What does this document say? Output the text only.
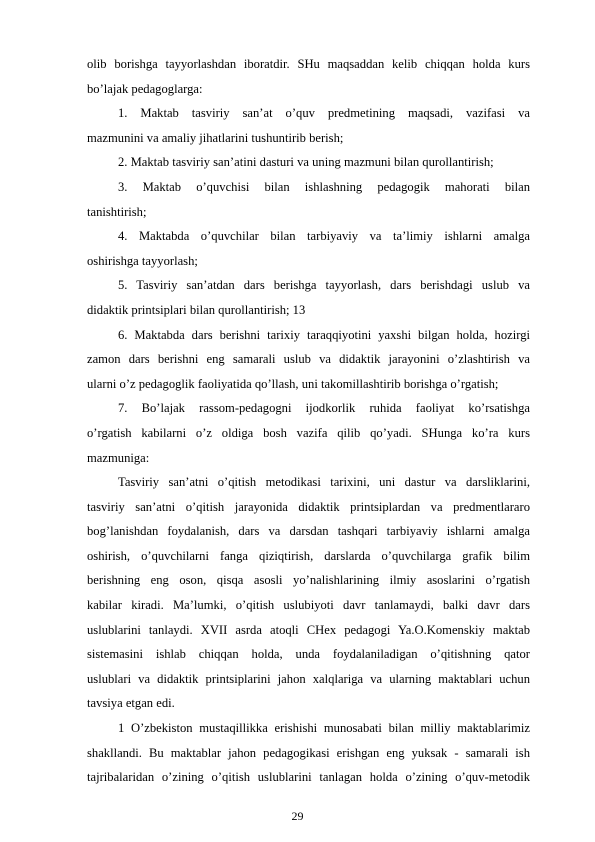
olib borishga tayyorlashdan iboratdir. SHu maqsaddan kelib chiqqan holda kurs
bo’lajak pedagoglarga:
1. Maktab tasviriy san’at o’quv predmetining maqsadi, vazifasi va
mazmunini va amaliy jihatlarini tushuntirib berish;
2. Maktab tasviriy san’atini dasturi va uning mazmuni bilan qurollantirish;
3. Maktab o’quvchisi bilan ishlashning pedagogik mahorati bilan
tanishtirish;
4. Maktabda o’quvchilar bilan tarbiyaviy va ta’limiy ishlarni amalga
oshirishga tayyorlash;
5. Tasviriy san’atdan dars berishga tayyorlash, dars berishdagi uslub va
didaktik printsiplari bilan qurollantirish; 13
6. Maktabda dars berishni tarixiy taraqqiyotini yaxshi bilgan holda, hozirgi
zamon dars berishni eng samarali uslub va didaktik jarayonini o’zlashtirish va
ularni o’z pedagoglik faoliyatida qo’llash, uni takomillashtirib borishga o’rgatish;
7. Bo’lajak rassom-pedagogni ijodkorlik ruhida faoliyat ko’rsatishga
o’rgatish kabilarni o’z oldiga bosh vazifa qilib qo’yadi. SHunga ko’ra kurs
mazmuniga:
Tasviriy san’atni o’qitish metodikasi tarixini, uni dastur va darsliklarini,
tasviriy san’atni o’qitish jarayonida didaktik printsiplardan va predmentlararo
bog’lanishdan foydalanish, dars va darsdan tashqari tarbiyaviy ishlarni amalga
oshirish, o’quvchilarni fanga qiziqtirish, darslarda o’quvchilarga grafik bilim
berishning eng oson, qisqa asosli yo’nalishlarining ilmiy asoslarini o’rgatish
kabilar kiradi. Ma’lumki, o’qitish uslubiyoti davr tanlamaydi, balki davr dars
uslublarini tanlaydi. XVII asrda atoqli CHex pedagogi Ya.O.Komenskiy maktab
sistemasini ishlab chiqqan holda, unda foydalaniladigan o’qitishning qator
uslublari va didaktik printsiplarini jahon xalqlariga va ularning maktablari uchun
tavsiya etgan edi.
1 O’zbekiston mustaqillikka erishishi munosabati bilan milliy maktablarimiz
shakllandi. Bu maktablar jahon pedagogikasi erishgan eng yuksak - samarali ish
tajribalaridan o’zining o’qitish uslublarini tanlagan holda o’zining o’quv-metodik
29
